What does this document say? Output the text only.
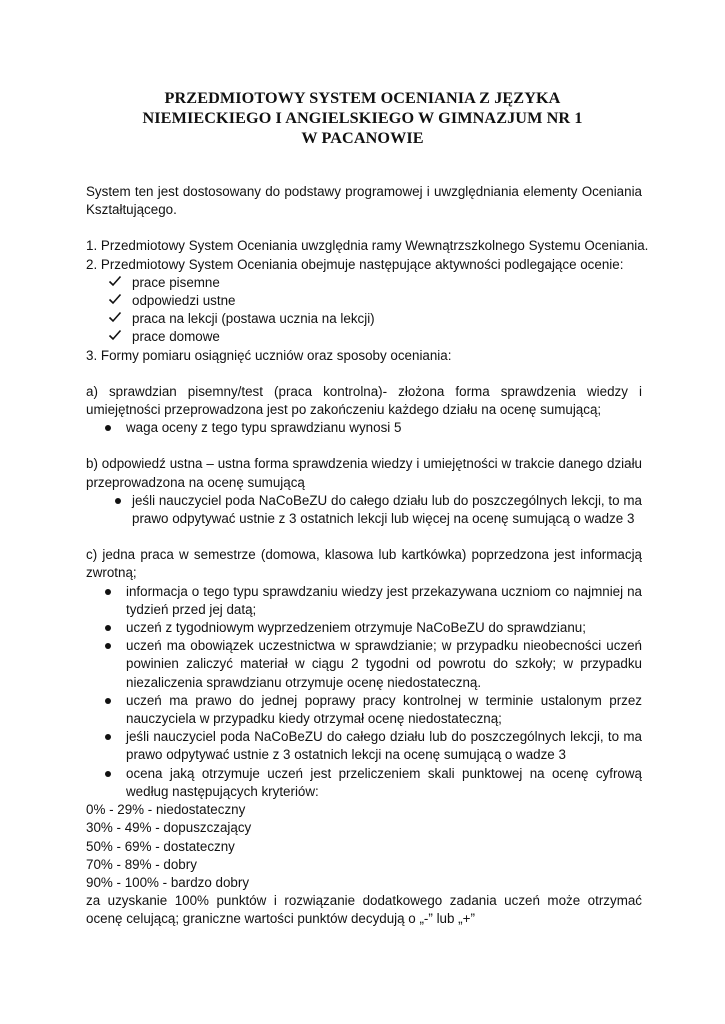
PRZEDMIOTOWY SYSTEM OCENIANIA Z JĘZYKA
NIEMIECKIEGO I ANGIELSKIEGO W GIMNAZJUM NR 1
W PACANOWIE
System ten jest dostosowany do podstawy programowej i uwzględniania elementy Oceniania Kształtującego.
1. Przedmiotowy System Oceniania uwzględnia ramy Wewnątrzszkolnego Systemu Oceniania.
2. Przedmiotowy System Oceniania obejmuje następujące aktywności podlegające ocenie:
prace pisemne
odpowiedzi ustne
praca na lekcji (postawa ucznia na lekcji)
prace domowe
3. Formy pomiaru osiągnięć uczniów oraz sposoby oceniania:
a) sprawdzian pisemny/test (praca kontrolna)- złożona forma sprawdzenia wiedzy i umiejętności przeprowadzona jest po zakończeniu każdego działu na ocenę sumującą;
waga oceny z tego typu sprawdzianu wynosi 5
b) odpowiedź ustna – ustna forma sprawdzenia wiedzy i umiejętności w trakcie danego działu przeprowadzona na ocenę sumującą
jeśli nauczyciel poda NaCoBeZU do całego działu lub do poszczególnych lekcji, to ma prawo odpytywać ustnie z 3 ostatnich lekcji lub więcej na ocenę sumującą o wadze 3
c) jedna praca w semestrze (domowa, klasowa lub kartkówka) poprzedzona jest informacją zwrotną;
informacja o tego typu sprawdzaniu wiedzy jest przekazywana uczniom co najmniej na tydzień przed jej datą;
uczeń z tygodniowym wyprzedzeniem otrzymuje NaCoBeZU do sprawdzianu;
uczeń ma obowiązek uczestnictwa w sprawdzianie; w przypadku nieobecności uczeń powinien zaliczyć materiał w ciągu 2 tygodni od powrotu do szkoły; w przypadku niezaliczenia sprawdzianu otrzymuje ocenę niedostateczną.
uczeń ma prawo do jednej poprawy pracy kontrolnej w terminie ustalonym przez nauczyciela w przypadku kiedy otrzymał ocenę niedostateczną;
jeśli nauczyciel poda NaCoBeZU do całego działu lub do poszczególnych lekcji, to ma prawo odpytywać ustnie z 3 ostatnich lekcji na ocenę sumującą o wadze 3
ocena jaką otrzymuje uczeń jest przeliczeniem skali punktowej na ocenę cyfrową według następujących kryteriów:
0% - 29% - niedostateczny
30% - 49% - dopuszczający
50% - 69% - dostateczny
70% - 89% - dobry
90% - 100% - bardzo dobry
za uzyskanie 100% punktów i rozwiązanie dodatkowego zadania uczeń może otrzymać ocenę celującą; graniczne wartości punktów decydują o „-” lub „+”
